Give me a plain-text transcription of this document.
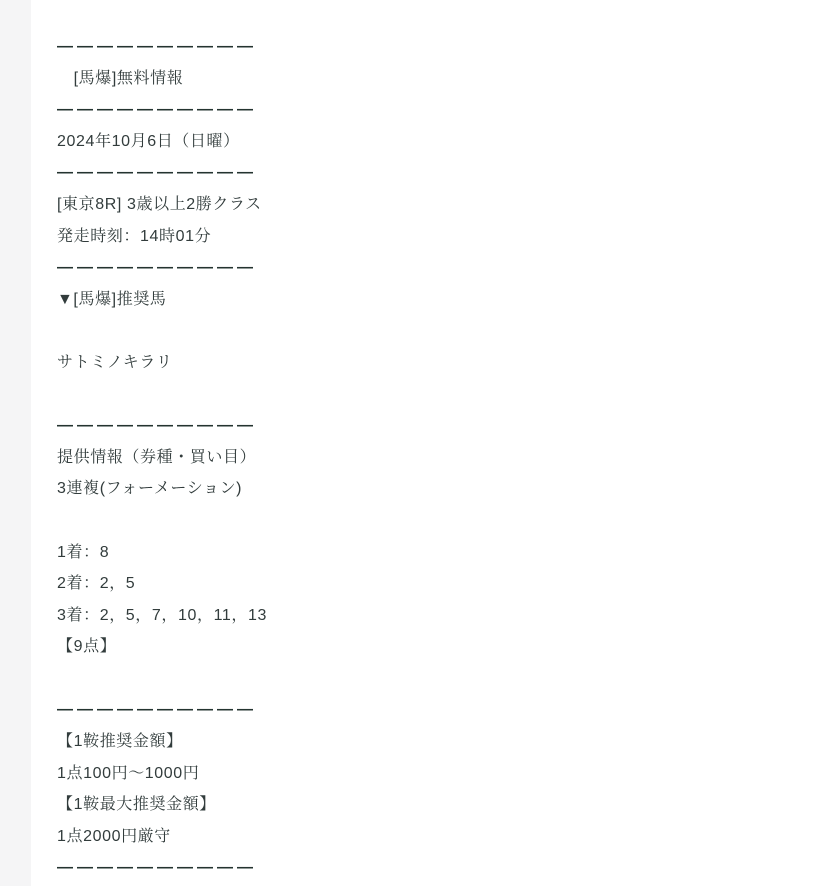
——————————
　[馬爆]無料情報
——————————
2024年10月6日（日曜）
——————————
[東京8R] 3歳以上2勝クラス
発走時刻：14時01分
——————————
▼[馬爆]推奨馬
サトミノキラリ
——————————
提供情報（券種・買い目）
3連複(フォーメーション)
1着：8
2着：2，5
3着：2，5，7，10，11，13
【9点】
——————————
【1鞍推奨金額】
1点100円～1000円
【1鞍最大推奨金額】
1点2000円厳守
——————————
